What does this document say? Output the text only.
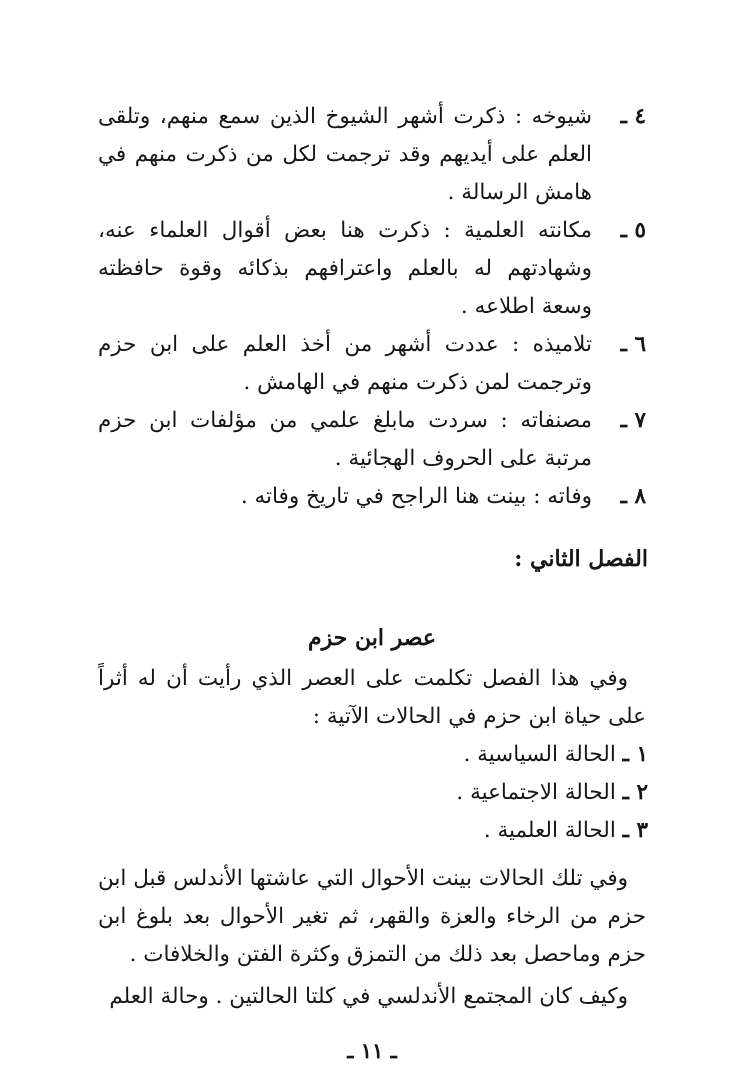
٤ ـ
شيوخه : ذكرت أشهر الشيوخ الذين سمع منهم، وتلقى العلم على أيديهم وقد ترجمت لكل من ذكرت منهم في هامش الرسالة .
٥ ـ
مكانته العلمية : ذكرت هنا بعض أقوال العلماء عنه، وشهادتهم له بالعلم واعترافهم بذكائه وقوة حافظته وسعة اطلاعه .
٦ ـ
تلاميذه : عددت أشهر من أخذ العلم على ابن حزم وترجمت لمن ذكرت منهم في الهامش .
٧ ـ
مصنفاته : سردت مابلغ علمي من مؤلفات ابن حزم مرتبة على الحروف الهجائية .
٨ ـ
وفاته : بينت هنا الراجح في تاريخ وفاته .
الفصل الثاني :
عصر ابن حزم
وفي هذا الفصل تكلمت على العصر الذي رأيت أن له أثراً على حياة ابن حزم في الحالات الآتية :
١ ـ الحالة السياسية .
٢ ـ الحالة الاجتماعية .
٣ ـ الحالة العلمية .
وفي تلك الحالات بينت الأحوال التي عاشتها الأندلس قبل ابن حزم من الرخاء والعزة والقهر، ثم تغير الأحوال بعد بلوغ ابن حزم وماحصل بعد ذلك من التمزق وكثرة الفتن والخلافات .
وكيف كان المجتمع الأندلسي في كلتا الحالتين . وحالة العلم
ـ ١١ ـ
